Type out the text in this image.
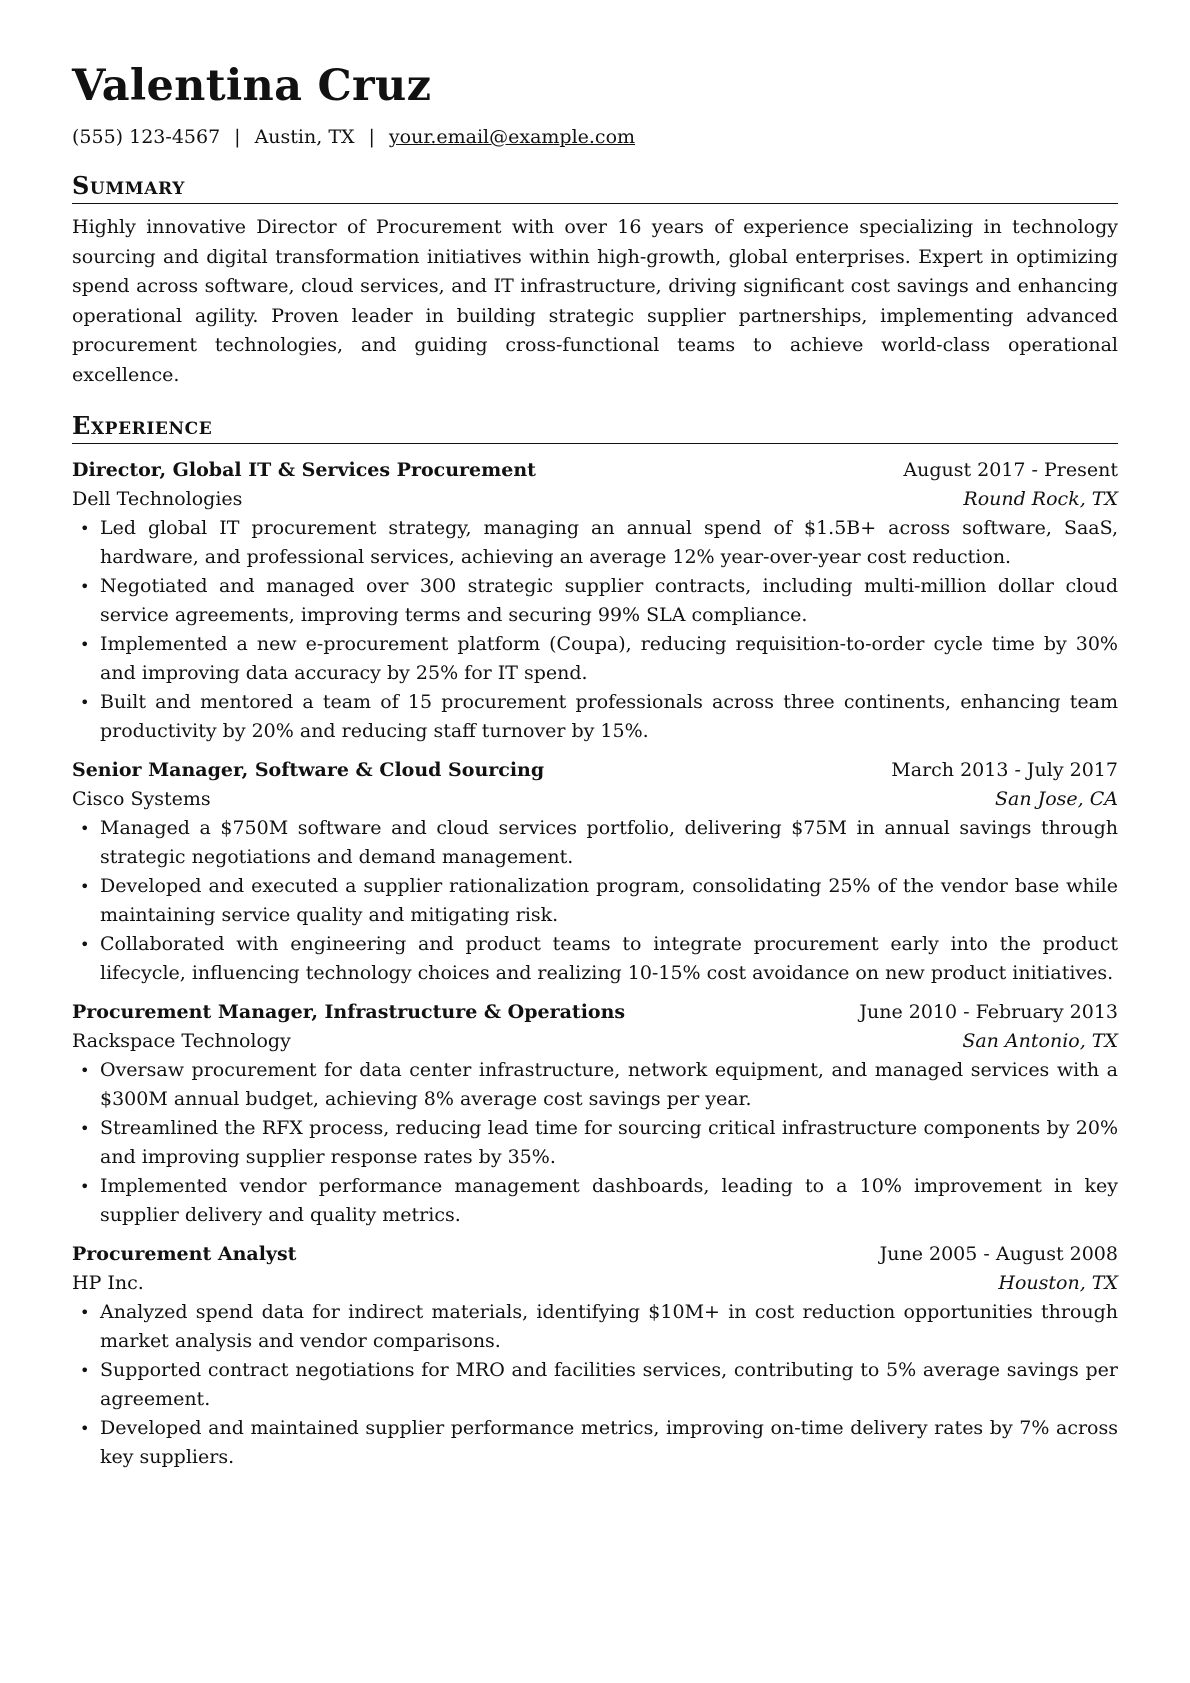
Valentina Cruz
(555) 123-4567 | Austin, TX | your.email@example.com
Summary
Highly innovative Director of Procurement with over 16 years of experience specializing in technology sourcing and digital transformation initiatives within high-growth, global enterprises. Expert in optimizing spend across software, cloud services, and IT infrastructure, driving significant cost savings and enhancing operational agility. Proven leader in building strategic supplier partnerships, implementing advanced procurement technologies, and guiding cross-functional teams to achieve world-class operational excellence.
Experience
Director, Global IT & Services Procurement	August 2017 - Present
Dell Technologies	Round Rock, TX
• Led global IT procurement strategy, managing an annual spend of $1.5B+ across software, SaaS, hardware, and professional services, achieving an average 12% year-over-year cost reduction.
• Negotiated and managed over 300 strategic supplier contracts, including multi-million dollar cloud service agreements, improving terms and securing 99% SLA compliance.
• Implemented a new e-procurement platform (Coupa), reducing requisition-to-order cycle time by 30% and improving data accuracy by 25% for IT spend.
• Built and mentored a team of 15 procurement professionals across three continents, enhancing team productivity by 20% and reducing staff turnover by 15%.
Senior Manager, Software & Cloud Sourcing	March 2013 - July 2017
Cisco Systems	San Jose, CA
• Managed a $750M software and cloud services portfolio, delivering $75M in annual savings through strategic negotiations and demand management.
• Developed and executed a supplier rationalization program, consolidating 25% of the vendor base while maintaining service quality and mitigating risk.
• Collaborated with engineering and product teams to integrate procurement early into the product lifecycle, influencing technology choices and realizing 10-15% cost avoidance on new product initiatives.
Procurement Manager, Infrastructure & Operations	June 2010 - February 2013
Rackspace Technology	San Antonio, TX
• Oversaw procurement for data center infrastructure, network equipment, and managed services with a $300M annual budget, achieving 8% average cost savings per year.
• Streamlined the RFX process, reducing lead time for sourcing critical infrastructure components by 20% and improving supplier response rates by 35%.
• Implemented vendor performance management dashboards, leading to a 10% improvement in key supplier delivery and quality metrics.
Procurement Analyst	June 2005 - August 2008
HP Inc.	Houston, TX
• Analyzed spend data for indirect materials, identifying $10M+ in cost reduction opportunities through market analysis and vendor comparisons.
• Supported contract negotiations for MRO and facilities services, contributing to 5% average savings per agreement.
• Developed and maintained supplier performance metrics, improving on-time delivery rates by 7% across key suppliers.
